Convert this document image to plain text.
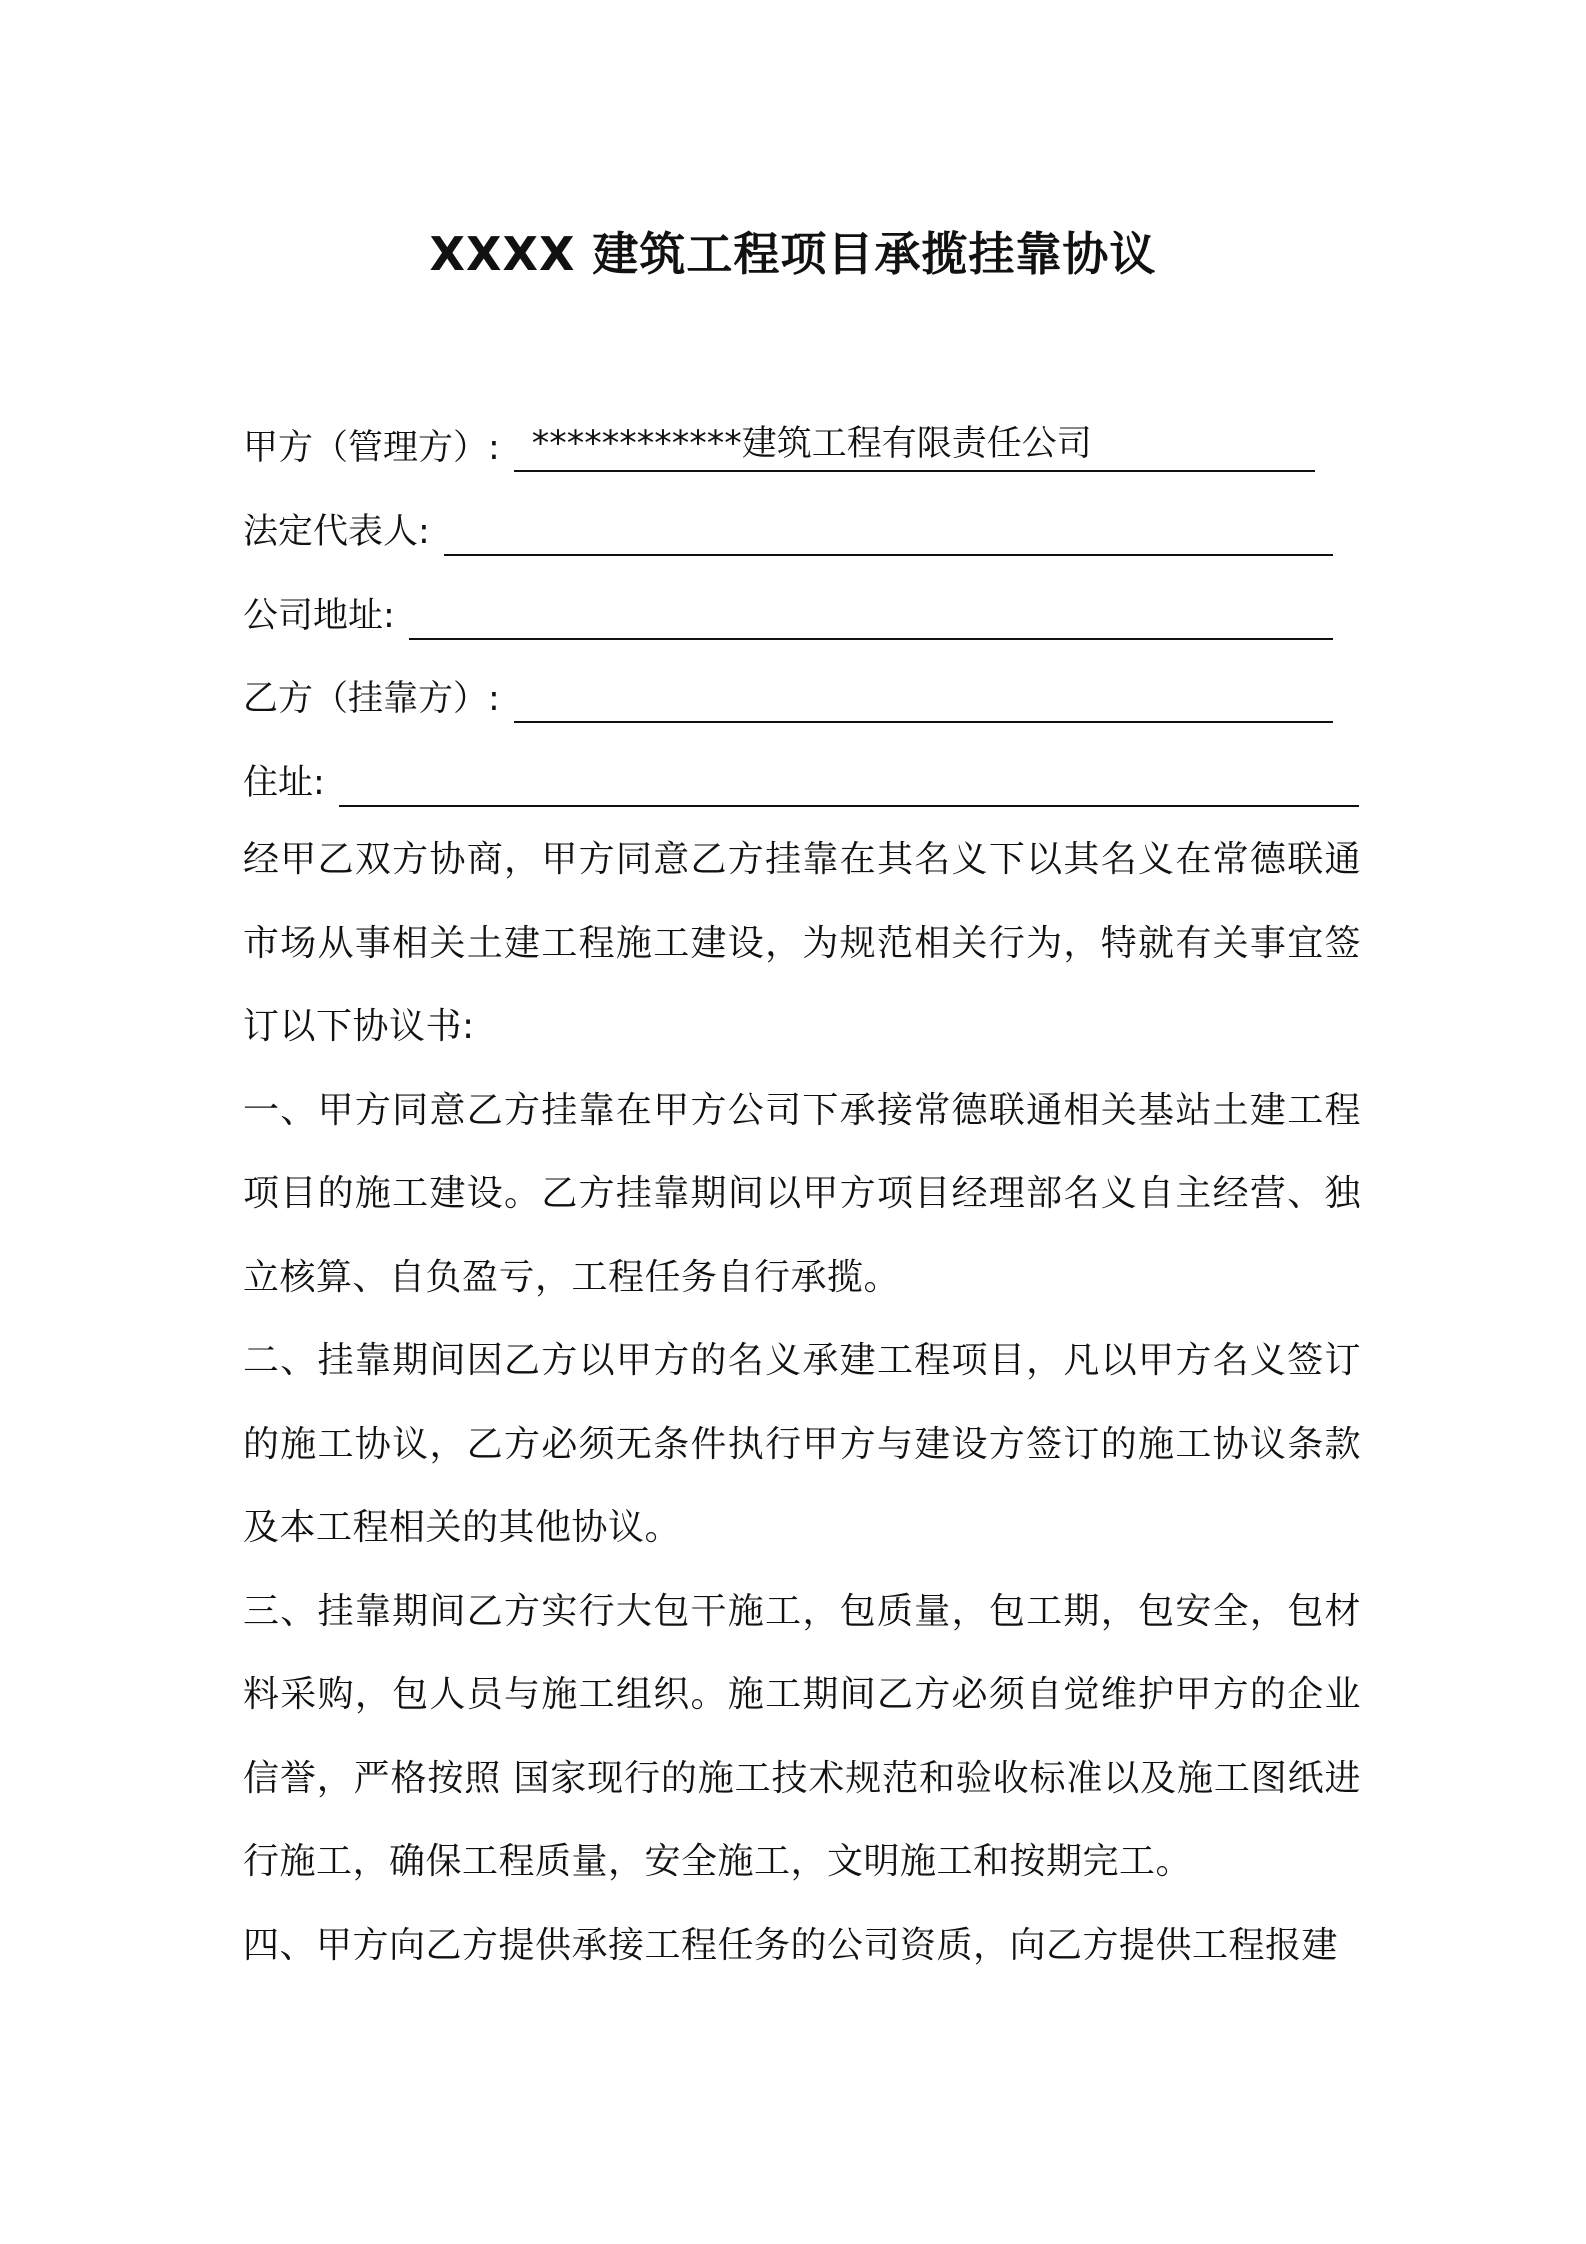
XXXX 建筑工程项目承揽挂靠协议
甲方（管理方）: ************建筑工程有限责任公司
法定代表人:
公司地址:
乙方（挂靠方）:
住址:

经甲乙双方协商，甲方同意乙方挂靠在其名义下以其名义在常德联通市场从事相关土建工程施工建设，为规范相关行为，特就有关事宜签订以下协议书:

一、甲方同意乙方挂靠在甲方公司下承接常德联通相关基站土建工程项目的施工建设。乙方挂靠期间以甲方项目经理部名义自主经营、独立核算、自负盈亏，工程任务自行承揽。

二、挂靠期间因乙方以甲方的名义承建工程项目，凡以甲方名义签订的施工协议，乙方必须无条件执行甲方与建设方签订的施工协议条款及本工程相关的其他协议。

三、挂靠期间乙方实行大包干施工，包质量，包工期，包安全，包材料采购，包人员与施工组织。施工期间乙方必须自觉维护甲方的企业信誉，严格按照 国家现行的施工技术规范和验收标准以及施工图纸进行施工，确保工程质量，安全施工，文明施工和按期完工。

四、甲方向乙方提供承接工程任务的公司资质，向乙方提供工程报建
